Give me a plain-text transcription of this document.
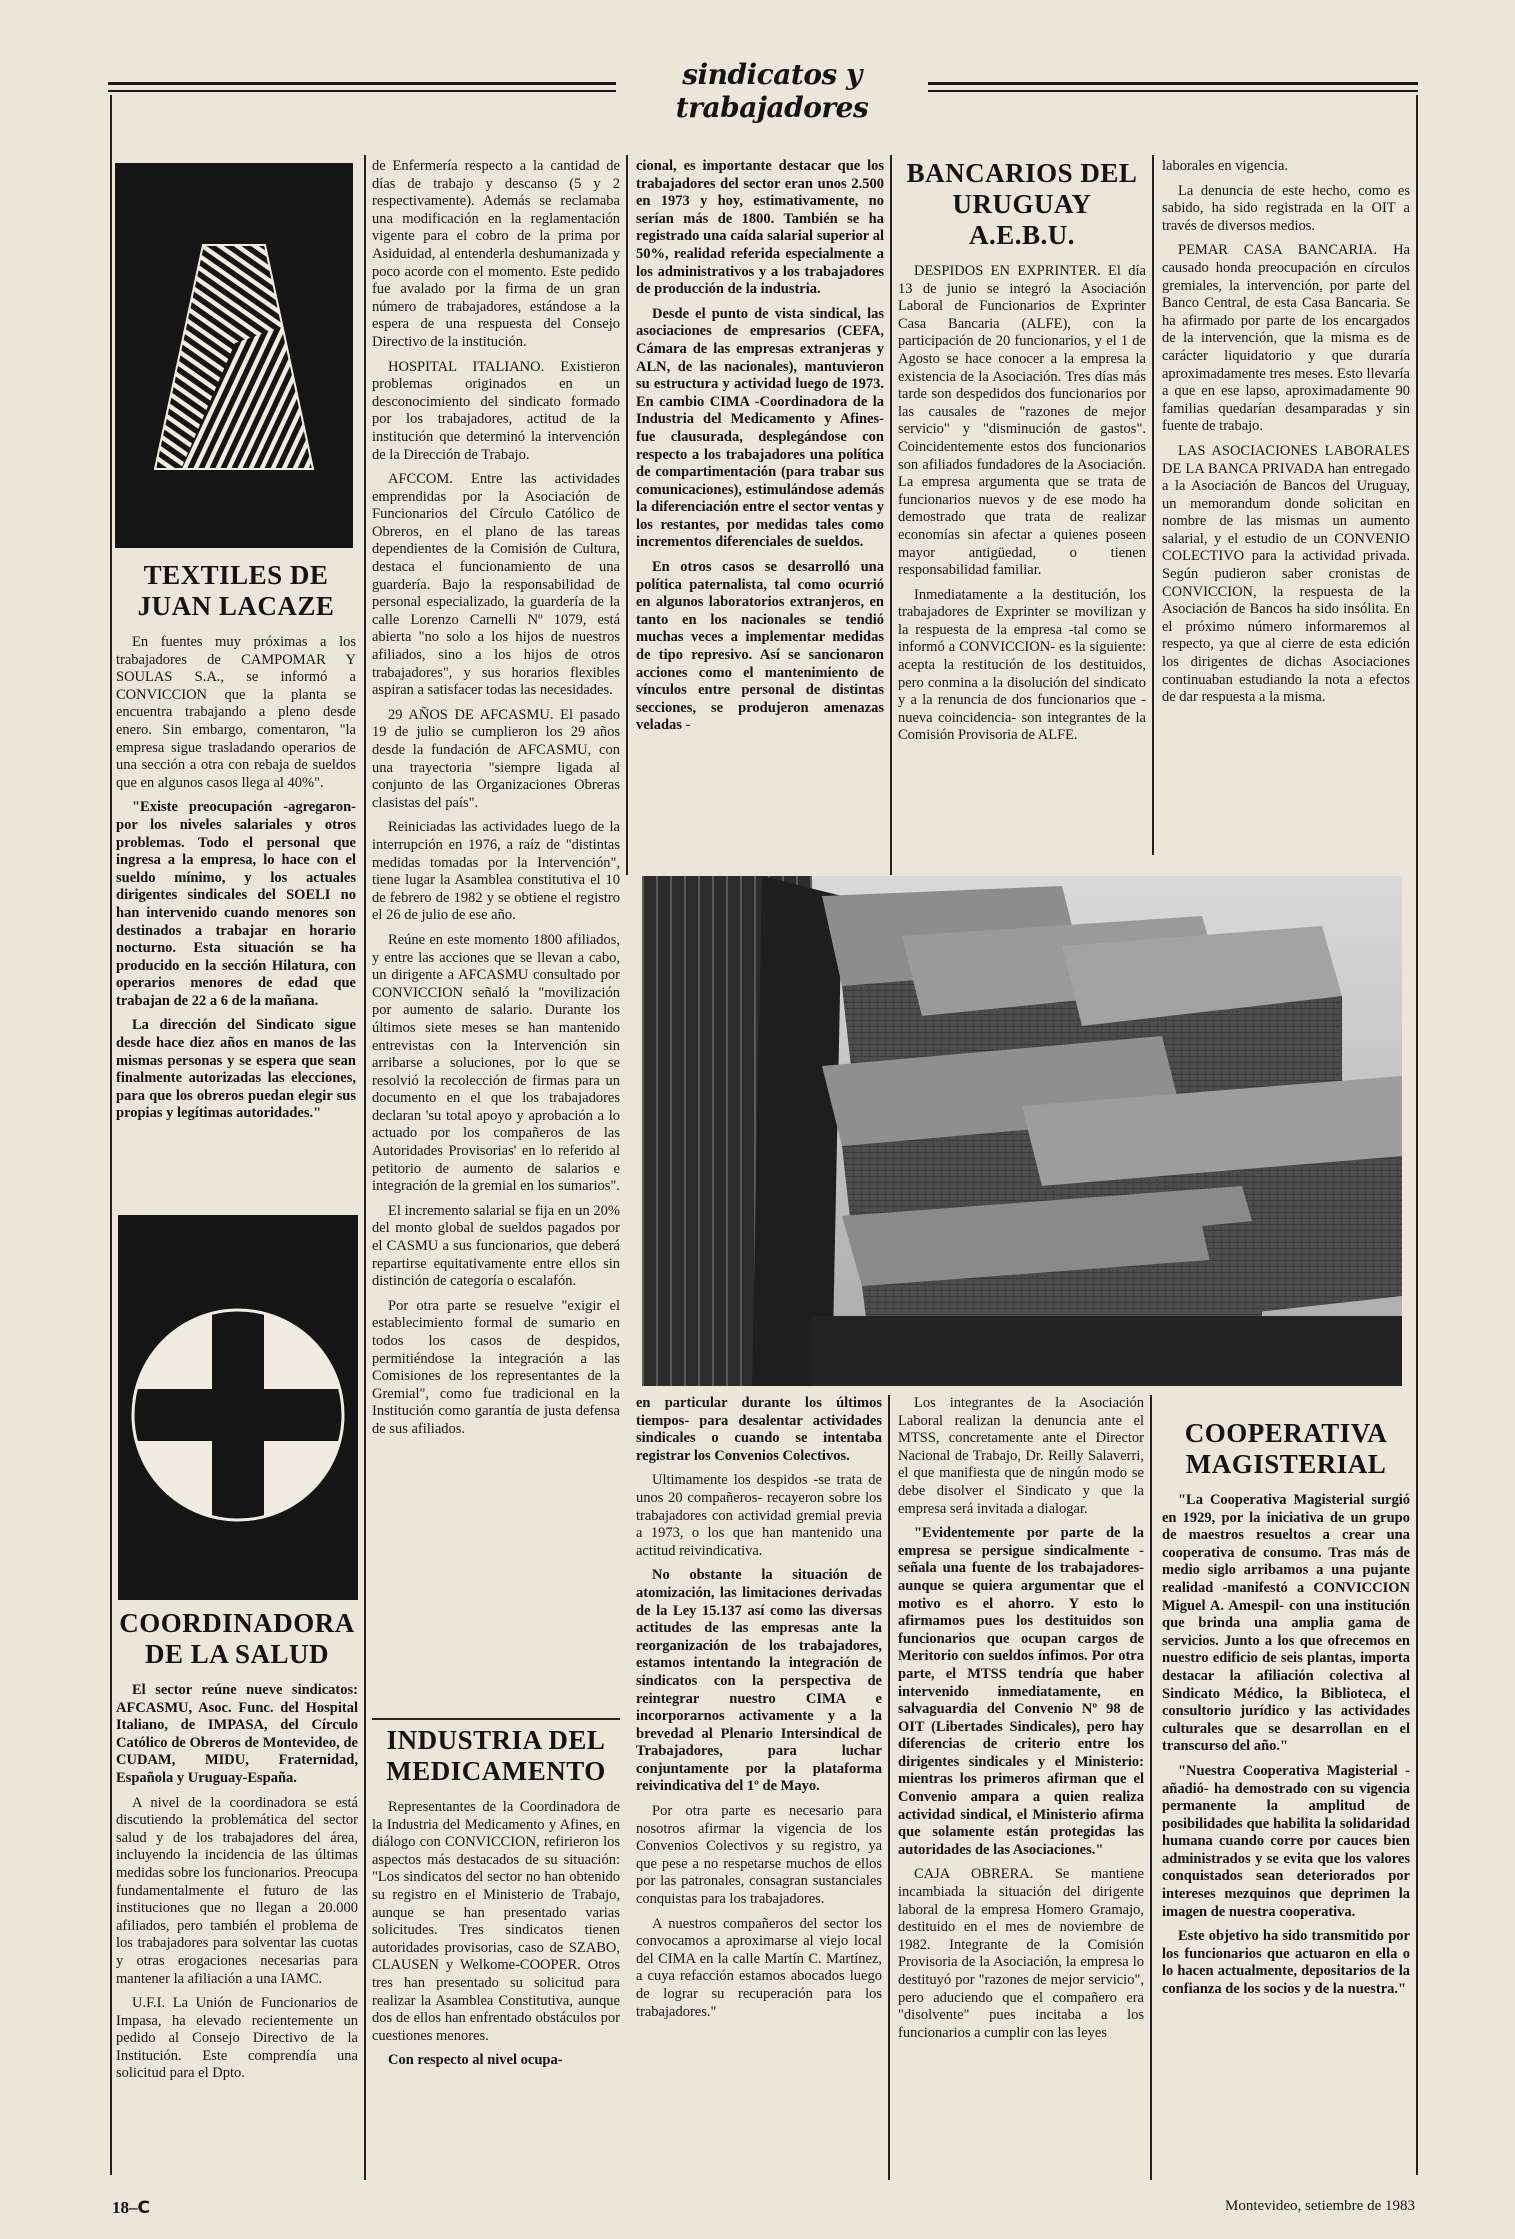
sindicatos y trabajadores
TEXTILES DE
JUAN LACAZE

En fuentes muy próximas a los trabajadores de CAMPOMAR Y SOULAS S.A., se informó a CONVICCION que la planta se encuentra trabajando a pleno desde enero. Sin embargo, comentaron, "la empresa sigue trasladando operarios de una sección a otra con rebaja de sueldos que en algunos casos llega al 40%".

"Existe preocupación -agregaron- por los niveles salariales y otros problemas. Todo el personal que ingresa a la empresa, lo hace con el sueldo mínimo, y los actuales dirigentes sindicales del SOELI no han intervenido cuando menores son destinados a trabajar en horario nocturno. Esta situación se ha producido en la sección Hilatura, con operarios menores de edad que trabajan de 22 a 6 de la mañana.

La dirección del Sindicato sigue desde hace diez años en manos de las mismas personas y se espera que sean finalmente autorizadas las elecciones, para que los obreros puedan elegir sus propias y legítimas autoridades."

COORDINADORA
DE LA SALUD

El sector reúne nueve sindicatos: AFCASMU, Asoc. Func. del Hospital Italiano, de IMPASA, del Círculo Católico de Obreros de Montevideo, de CUDAM, MIDU, Fraternidad, Española y Uruguay-España.

A nivel de la coordinadora se está discutiendo la problemática del sector salud y de los trabajadores del área, incluyendo la incidencia de las últimas medidas sobre los funcionarios. Preocupa fundamentalmente el futuro de las instituciones que no llegan a 20.000 afiliados, pero también el problema de los trabajadores para solventar las cuotas y otras erogaciones necesarias para mantener la afiliación a una IAMC.

U.F.I. La Unión de Funcionarios de Impasa, ha elevado recientemente un pedido al Consejo Directivo de la Institución. Este comprendía una solicitud para el Dpto.

de Enfermería respecto a la cantidad de días de trabajo y descanso (5 y 2 respectivamente). Además se reclamaba una modificación en la reglamentación vigente para el cobro de la prima por Asiduidad, al entenderla deshumanizada y poco acorde con el momento. Este pedido fue avalado por la firma de un gran número de trabajadores, estándose a la espera de una respuesta del Consejo Directivo de la institución.

HOSPITAL ITALIANO. Existieron problemas originados en un desconocimiento del sindicato formado por los trabajadores, actitud de la institución que determinó la intervención de la Dirección de Trabajo.

AFCCOM. Entre las actividades emprendidas por la Asociación de Funcionarios del Círculo Católico de Obreros, en el plano de las tareas dependientes de la Comisión de Cultura, destaca el funcionamiento de una guardería. Bajo la responsabilidad de personal especializado, la guardería de la calle Lorenzo Carnelli Nº 1079, está abierta "no solo a los hijos de nuestros afiliados, sino a los hijos de otros trabajadores", y sus horarios flexibles aspiran a satisfacer todas las necesidades.

29 AÑOS DE AFCASMU. El pasado 19 de julio se cumplieron los 29 años desde la fundación de AFCASMU, con una trayectoria "siempre ligada al conjunto de las Organizaciones Obreras clasistas del país".

Reiniciadas las actividades luego de la interrupción en 1976, a raíz de "distintas medidas tomadas por la Intervención", tiene lugar la Asamblea constitutiva el 10 de febrero de 1982 y se obtiene el registro el 26 de julio de ese año.

Reúne en este momento 1800 afiliados, y entre las acciones que se llevan a cabo, un dirigente a AFCASMU consultado por CONVICCION señaló la "movilización por aumento de salario. Durante los últimos siete meses se han mantenido entrevistas con la Intervención sin arribarse a soluciones, por lo que se resolvió la recolección de firmas para un documento en el que los trabajadores declaran 'su total apoyo y aprobación a lo actuado por los compañeros de las Autoridades Provisorias' en lo referido al petitorio de aumento de salarios e integración de la gremial en los sumarios".

El incremento salarial se fija en un 20% del monto global de sueldos pagados por el CASMU a sus funcionarios, que deberá repartirse equitativamente entre ellos sin distinción de categoría o escalafón.

Por otra parte se resuelve "exigir el establecimiento formal de sumario en todos los casos de despidos, permitiéndose la integración a las Comisiones de los representantes de la Gremial", como fue tradicional en la Institución como garantía de justa defensa de sus afiliados.

INDUSTRIA DEL
MEDICAMENTO

Representantes de la Coordinadora de la Industria del Medicamento y Afines, en diálogo con CONVICCION, refirieron los aspectos más destacados de su situación: "Los sindicatos del sector no han obtenido su registro en el Ministerio de Trabajo, aunque se han presentado varias solicitudes. Tres sindicatos tienen autoridades provisorias, caso de SZABO, CLAUSEN y Welkome-COOPER. Otros tres han presentado su solicitud para realizar la Asamblea Constitutiva, aunque dos de ellos han enfrentado obstáculos por cuestiones menores.

Con respecto al nivel ocupa-

cional, es importante destacar que los trabajadores del sector eran unos 2.500 en 1973 y hoy, estimativamente, no serían más de 1800. También se ha registrado una caída salarial superior al 50%, realidad referida especialmente a los administrativos y a los trabajadores de producción de la industria.

Desde el punto de vista sindical, las asociaciones de empresarios (CEFA, Cámara de las empresas extranjeras y ALN, de las nacionales), mantuvieron su estructura y actividad luego de 1973. En cambio CIMA -Coordinadora de la Industria del Medicamento y Afines- fue clausurada, desplegándose con respecto a los trabajadores una política de compartimentación (para trabar sus comunicaciones), estimulándose además la diferenciación entre el sector ventas y los restantes, por medidas tales como incrementos diferenciales de sueldos.

En otros casos se desarrolló una política paternalista, tal como ocurrió en algunos laboratorios extranjeros, en tanto en los nacionales se tendió muchas veces a implementar medidas de tipo represivo. Así se sancionaron acciones como el mantenimiento de vínculos entre personal de distintas secciones, se produjeron amenazas veladas -

BANCARIOS DEL
URUGUAY
A.E.B.U.

DESPIDOS EN EXPRINTER. El día 13 de junio se integró la Asociación Laboral de Funcionarios de Exprinter Casa Bancaria (ALFE), con la participación de 20 funcionarios, y el 1 de Agosto se hace conocer a la empresa la existencia de la Asociación. Tres días más tarde son despedidos dos funcionarios por las causales de "razones de mejor servicio" y "disminución de gastos". Coincidentemente estos dos funcionarios son afiliados fundadores de la Asociación. La empresa argumenta que se trata de funcionarios nuevos y de ese modo ha demostrado que trata de realizar economías sin afectar a quienes poseen mayor antigüedad, o tienen responsabilidad familiar.

Inmediatamente a la destitución, los trabajadores de Exprinter se movilizan y la respuesta de la empresa -tal como se informó a CONVICCION- es la siguiente: acepta la restitución de los destituidos, pero conmina a la disolución del sindicato y a la renuncia de dos funcionarios que -nueva coincidencia- son integrantes de la Comisión Provisoria de ALFE.

laborales en vigencia.

La denuncia de este hecho, como es sabido, ha sido registrada en la OIT a través de diversos medios.

PEMAR CASA BANCARIA. Ha causado honda preocupación en círculos gremiales, la intervención, por parte del Banco Central, de esta Casa Bancaria. Se ha afirmado por parte de los encargados de la intervención, que la misma es de carácter liquidatorio y que duraría aproximadamente tres meses. Esto llevaría a que en ese lapso, aproximadamente 90 familias quedarían desamparadas y sin fuente de trabajo.

LAS ASOCIACIONES LABORALES DE LA BANCA PRIVADA han entregado a la Asociación de Bancos del Uruguay, un memorandum donde solicitan en nombre de las mismas un aumento salarial, y el estudio de un CONVENIO COLECTIVO para la actividad privada. Según pudieron saber cronistas de CONVICCION, la respuesta de la Asociación de Bancos ha sido insólita. En el próximo número informaremos al respecto, ya que al cierre de esta edición los dirigentes de dichas Asociaciones continuaban estudiando la nota a efectos de dar respuesta a la misma.

en particular durante los últimos tiempos- para desalentar actividades sindicales o cuando se intentaba registrar los Convenios Colectivos.

Ultimamente los despidos -se trata de unos 20 compañeros- recayeron sobre los trabajadores con actividad gremial previa a 1973, o los que han mantenido una actitud reivindicativa.

No obstante la situación de atomización, las limitaciones derivadas de la Ley 15.137 así como las diversas actitudes de las empresas ante la reorganización de los trabajadores, estamos intentando la integración de sindicatos con la perspectiva de reintegrar nuestro CIMA e incorporarnos activamente y a la brevedad al Plenario Intersindical de Trabajadores, para luchar conjuntamente por la plataforma reivindicativa del 1º de Mayo.

Por otra parte es necesario para nosotros afirmar la vigencia de los Convenios Colectivos y su registro, ya que pese a no respetarse muchos de ellos por las patronales, consagran sustanciales conquistas para los trabajadores.

A nuestros compañeros del sector los convocamos a aproximarse al viejo local del CIMA en la calle Martín C. Martínez, a cuya refacción estamos abocados luego de lograr su recuperación para los trabajadores."

Los integrantes de la Asociación Laboral realizan la denuncia ante el MTSS, concretamente ante el Director Nacional de Trabajo, Dr. Reilly Salaverri, el que manifiesta que de ningún modo se debe disolver el Sindicato y que la empresa será invitada a dialogar.

"Evidentemente por parte de la empresa se persigue sindicalmente -señala una fuente de los trabajadores- aunque se quiera argumentar que el motivo es el ahorro. Y esto lo afirmamos pues los destituidos son funcionarios que ocupan cargos de Meritorio con sueldos ínfimos. Por otra parte, el MTSS tendría que haber intervenido inmediatamente, en salvaguardia del Convenio Nº 98 de OIT (Libertades Sindicales), pero hay diferencias de criterio entre los dirigentes sindicales y el Ministerio: mientras los primeros afirman que el Convenio ampara a quien realiza actividad sindical, el Ministerio afirma que solamente están protegidas las autoridades de las Asociaciones."

CAJA OBRERA. Se mantiene incambiada la situación del dirigente laboral de la empresa Homero Gramajo, destituido en el mes de noviembre de 1982. Integrante de la Comisión Provisoria de la Asociación, la empresa lo destituyó por "razones de mejor servicio", pero aduciendo que el compañero era "disolvente" pues incitaba a los funcionarios a cumplir con las leyes

COOPERATIVA
MAGISTERIAL

"La Cooperativa Magisterial surgió en 1929, por la iniciativa de un grupo de maestros resueltos a crear una cooperativa de consumo. Tras más de medio siglo arribamos a una pujante realidad -manifestó a CONVICCION Miguel A. Amespil- con una institución que brinda una amplia gama de servicios. Junto a los que ofrecemos en nuestro edificio de seis plantas, importa destacar la afiliación colectiva al Sindicato Médico, la Biblioteca, el consultorio jurídico y las actividades culturales que se desarrollan en el transcurso del año."

"Nuestra Cooperativa Magisterial -añadió- ha demostrado con su vigencia permanente la amplitud de posibilidades que habilita la solidaridad humana cuando corre por cauces bien administrados y se evita que los valores conquistados sean deteriorados por intereses mezquinos que deprimen la imagen de nuestra cooperativa.

Este objetivo ha sido transmitido por los funcionarios que actuaron en ella o lo hacen actualmente, depositarios de la confianza de los socios y de la nuestra."

18–C	Montevideo, setiembre de 1983
